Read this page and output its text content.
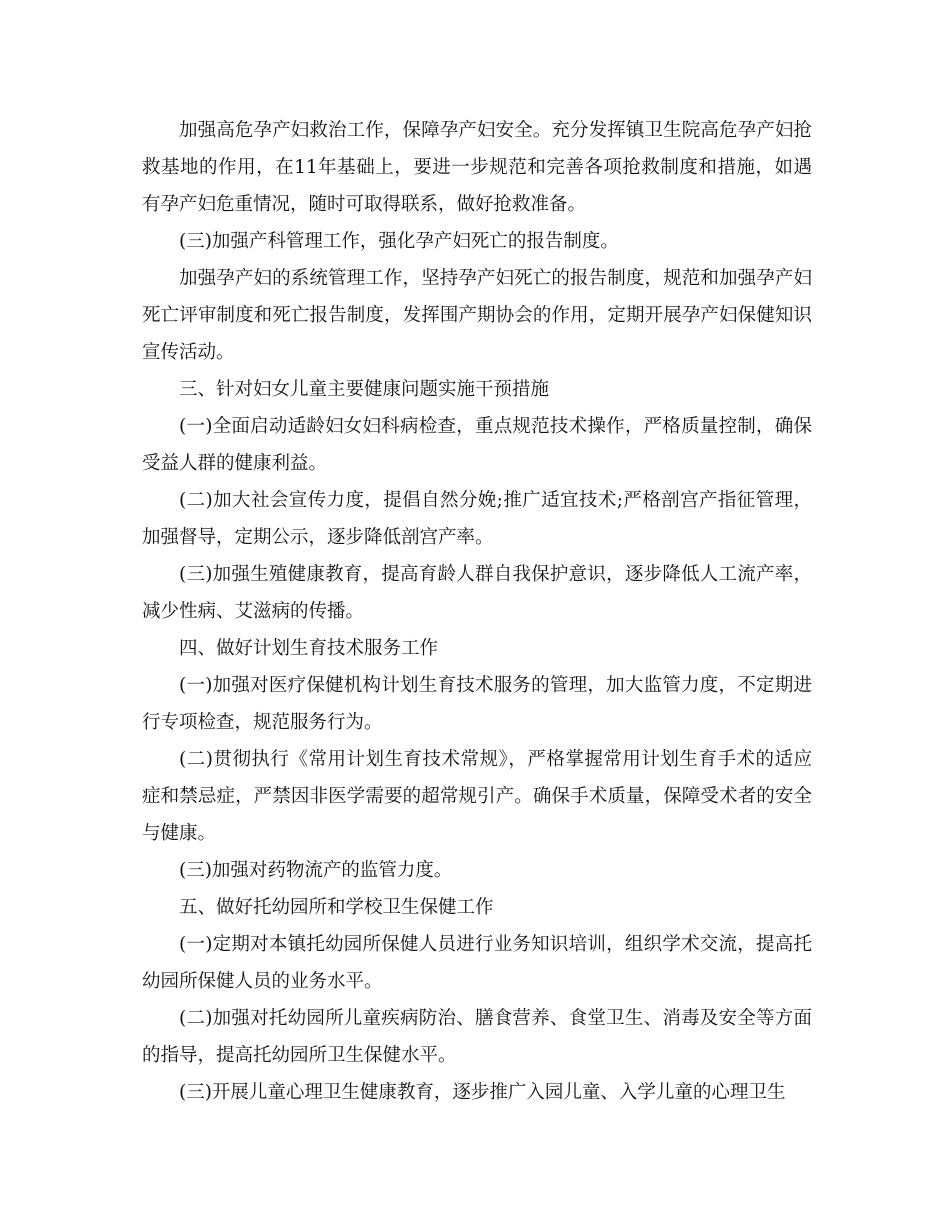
加强高危孕产妇救治工作，保障孕产妇安全。充分发挥镇卫生院高危孕产妇抢救基地的作用，在11年基础上，要进一步规范和完善各项抢救制度和措施，如遇有孕产妇危重情况，随时可取得联系，做好抢救准备。

(三)加强产科管理工作，强化孕产妇死亡的报告制度。

加强孕产妇的系统管理工作，坚持孕产妇死亡的报告制度，规范和加强孕产妇死亡评审制度和死亡报告制度，发挥围产期协会的作用，定期开展孕产妇保健知识宣传活动。

三、针对妇女儿童主要健康问题实施干预措施

(一)全面启动适龄妇女妇科病检查，重点规范技术操作，严格质量控制，确保受益人群的健康利益。

(二)加大社会宣传力度，提倡自然分娩;推广适宜技术;严格剖宫产指征管理，加强督导，定期公示，逐步降低剖宫产率。

(三)加强生殖健康教育，提高育龄人群自我保护意识，逐步降低人工流产率，减少性病、艾滋病的传播。

四、做好计划生育技术服务工作

(一)加强对医疗保健机构计划生育技术服务的管理，加大监管力度，不定期进行专项检查，规范服务行为。

(二)贯彻执行《常用计划生育技术常规》，严格掌握常用计划生育手术的适应症和禁忌症，严禁因非医学需要的超常规引产。确保手术质量，保障受术者的安全与健康。

(三)加强对药物流产的监管力度。

五、做好托幼园所和学校卫生保健工作

(一)定期对本镇托幼园所保健人员进行业务知识培训，组织学术交流，提高托幼园所保健人员的业务水平。

(二)加强对托幼园所儿童疾病防治、膳食营养、食堂卫生、消毒及安全等方面的指导，提高托幼园所卫生保健水平。

(三)开展儿童心理卫生健康教育，逐步推广入园儿童、入学儿童的心理卫生
